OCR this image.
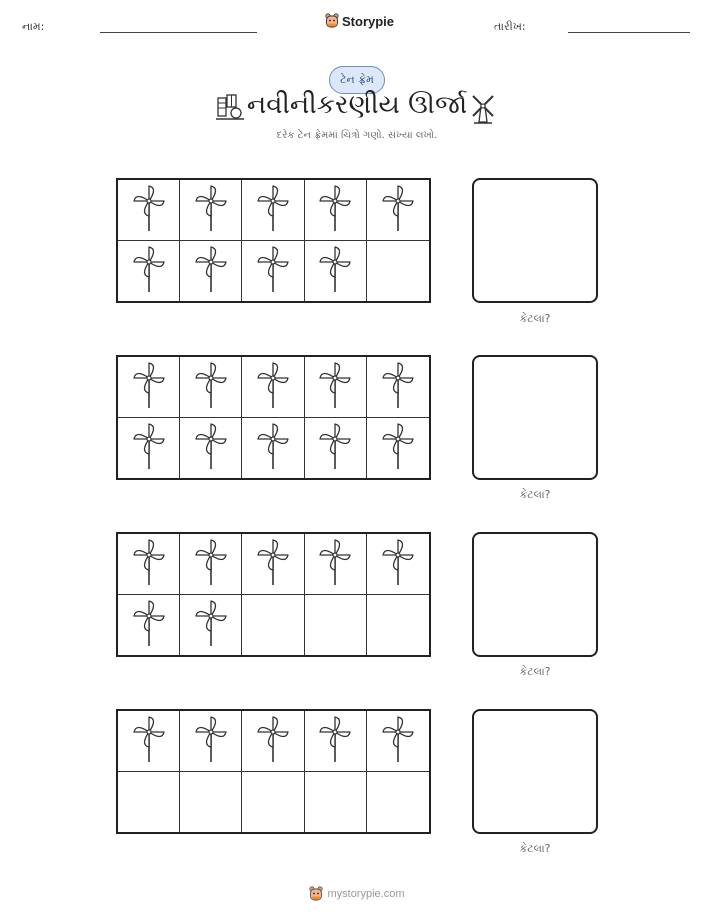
નામ:	Storypie	તારીખ:
ટેન ફ્રેમ
નવીનીકરણીય ઊર્જા
દરેક ટેન ફ્રેમમાં ચિત્રો ગણો. સંખ્યા લખો.
કેટલા?
કેટલા?
કેટલા?
કેટલા?
mystorypie.com
